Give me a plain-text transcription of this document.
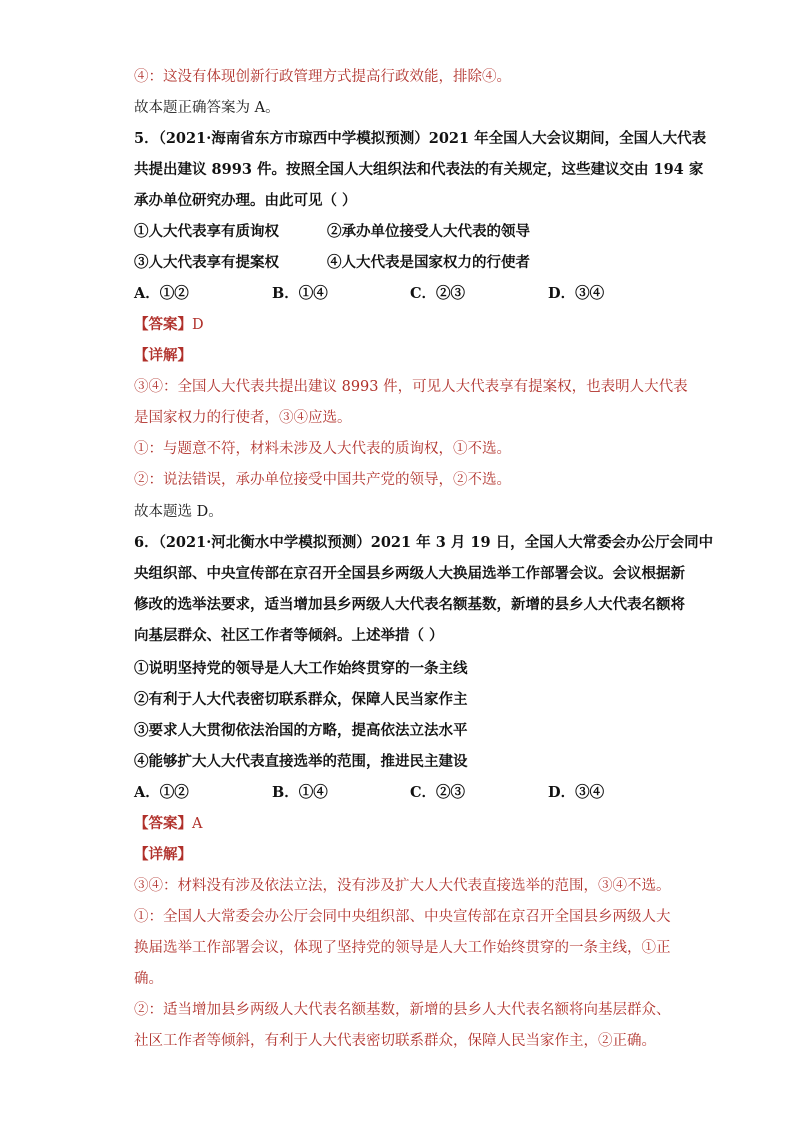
④：这没有体现创新行政管理方式提高行政效能，排除④。
故本题正确答案为 A。
5．（2021·海南省东方市琼西中学模拟预测）2021 年全国人大会议期间，全国人大代表
共提出建议 8993 件。按照全国人大组织法和代表法的有关规定，这些建议交由 194 家
承办单位研究办理。由此可见（ ）
①人大代表享有质询权	②承办单位接受人大代表的领导
③人大代表享有提案权	④人大代表是国家权力的行使者
A．①②	B．①④	C．②③	D．③④
【答案】D
【详解】
③④：全国人大代表共提出建议 8993 件，可见人大代表享有提案权，也表明人大代表
是国家权力的行使者，③④应选。
①：与题意不符，材料未涉及人大代表的质询权，①不选。
②：说法错误，承办单位接受中国共产党的领导，②不选。
故本题选 D。
6．（2021·河北衡水中学模拟预测）2021 年 3 月 19 日，全国人大常委会办公厅会同中
央组织部、中央宣传部在京召开全国县乡两级人大换届选举工作部署会议。会议根据新
修改的选举法要求，适当增加县乡两级人大代表名额基数，新增的县乡人大代表名额将
向基层群众、社区工作者等倾斜。上述举措（ ）
①说明坚持党的领导是人大工作始终贯穿的一条主线
②有利于人大代表密切联系群众，保障人民当家作主
③要求人大贯彻依法治国的方略，提高依法立法水平
④能够扩大人大代表直接选举的范围，推进民主建设
A．①②	B．①④	C．②③	D．③④
【答案】A
【详解】
③④：材料没有涉及依法立法，没有涉及扩大人大代表直接选举的范围，③④不选。
①：全国人大常委会办公厅会同中央组织部、中央宣传部在京召开全国县乡两级人大
换届选举工作部署会议，体现了坚持党的领导是人大工作始终贯穿的一条主线，①正
确。
②：适当增加县乡两级人大代表名额基数，新增的县乡人大代表名额将向基层群众、
社区工作者等倾斜，有利于人大代表密切联系群众，保障人民当家作主，②正确。
